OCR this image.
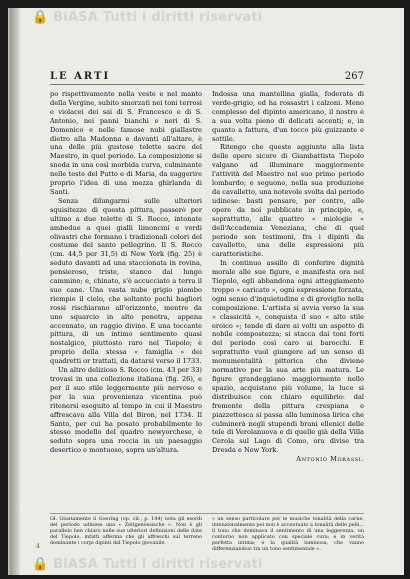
🔒 BiASA Tutti i diritti riservati
LE ARTI	267

po rispettivamente nella veste e nel manto della Vergine, subito smorzati nei toni terrosi e violacei dei sai di S. Francesco e di S. Antonio, nei panni bianchi e neri di S. Domenico e nelle famose nubi giallastre dietro alla Madonna e davanti all'altare, è una delle più gustose telette sacre del Maestro, in quel periodo. La composizione si snoda in una così morbida curva, culminante nelle teste del Putto e di Maria, da suggerire proprio l'idea di una mezza ghirlanda di Santi.

Senza dilungarmi sulle ulteriori squisitezze di questa pittura, passerò per ultimo a due telette di S. Rocco, intonate ambedue a quei gialli limoncini e verdi olivastri che formano i tradizionali colori del costume del santo pellegrino. Il S. Rocco (cm. 44,5 per 31,5) di New York (fig. 25) è seduto davanti ad una staccionata in rovina, pensieroso, triste, stanco dal lungo cammino; e, chinato, s'è accucciato a terra il suo cane. Una vasta nube grigio piombo riempie il cielo, che soltanto pochi bagliori rossi rischiarano all'orizzonte, mentre da uno squarcio in alto penetra, appena accennato, un raggio divino. È una toccante pittura, di un intimo sentimento quasi nostalgico, piuttosto raro nel Tiepolo; è proprio della stessa « famiglia » dei quadretti or trattati, da datarsi verso il 1733.

Un altro delizioso S. Rocco (cm. 43 per 33) trovasi in una collezione italiana (fig. 26), e per il suo stile leggermente più nervoso e per la sua provenienza vicentina può ritenersi eseguito al tempo in cui il Maestro affrescava alla Villa del Biron, nel 1734. Il Santo, per cui ha posato probabilmente lo stesso modello del quadro newyorchese, è seduto sopra una roccia in un paesaggio desertico e montuoso, sopra un'altura.

Indossa una mantellina gialla, foderata di verde-grigio, ed ha rossastri i calzoni. Meno complesso del dipinto americano, il nostro è a sua volta pieno di delicati accenti; e, in quanto a fattura, d'un tocco più guizzante e sottile.

Ritengo che queste aggiunte alla lista delle opere sicure di Giambattista Tiepolo valgano ad illuminare maggiormente l'attività del Maestro nel suo primo periodo lombardo; e seguono, nella sua produzione da cavalletto, una notevole svolta dal periodo udinese: basti pensare, per contro, alle opere da noi pubblicate in principio, e, soprattutto, alle quattro « miologie » dell'Accademia Veneziana, che di quel periodo son testimoni, fra i dipinti da cavalletto, una delle espressioni più caratteristiche.

In continuo assillo di conferire dignità morale alle sue figure, e manifesta ora nel Tiepolo, egli abbandona ogni atteggiamento troppo « caricato », ogni espressione forzata, ogni senso d'inquietudine e di groviglio nella composizione. L'artista si avvia verso la sua « classicità », conquista il suo « alto stile eroico »; tende di dare ai volti un aspetto di nobile compostezza; si stacca dai toni forti del periodo così caro ai barocchi. E soprattutto vuol giungere ad un senso di monumentalità pittorica che diviene normativo per la sua arte più matura. Le figure grandeggiano maggiormente nello spazio, acquistano più volume, la luce si distribuisce con chiaro equilibrio: dal fremente della pittura crespiana e piazzettesca si passa alla luminosa lirica che culminerà negli stupendi brani ellenici delle tele di Verolanuova e di quelle già della Villa Cerola sul Lago di Como, ora divise tra Dresda e New York.

Antonio Morassi.

Gl. Giustamente il Goering (op. cit., p. 144) nota gli esordi del periodo udinese una « Zeitgenössische ». Non è gli parallelo ben chiaro nelle sue ulteriori definizioni delle date del Tiepolo, infatti afferma che gli affreschi sul terreno dominante i corpi dipinti dal Tiepolo giovanile.
« un senso particolare per le musiche tonalità della carne, intenzionalmente poi non è accentuato a tonalità delle pelli... il tono che dominava il sentimento di una leggerezza, un contorno non applicato con speciale cura; e in verità perfetta intima; e la qualità luminosa, che vanno differenziandosi tra un tono sentimentale ».
4
🔒 BiASA Tutti i diritti riservati
